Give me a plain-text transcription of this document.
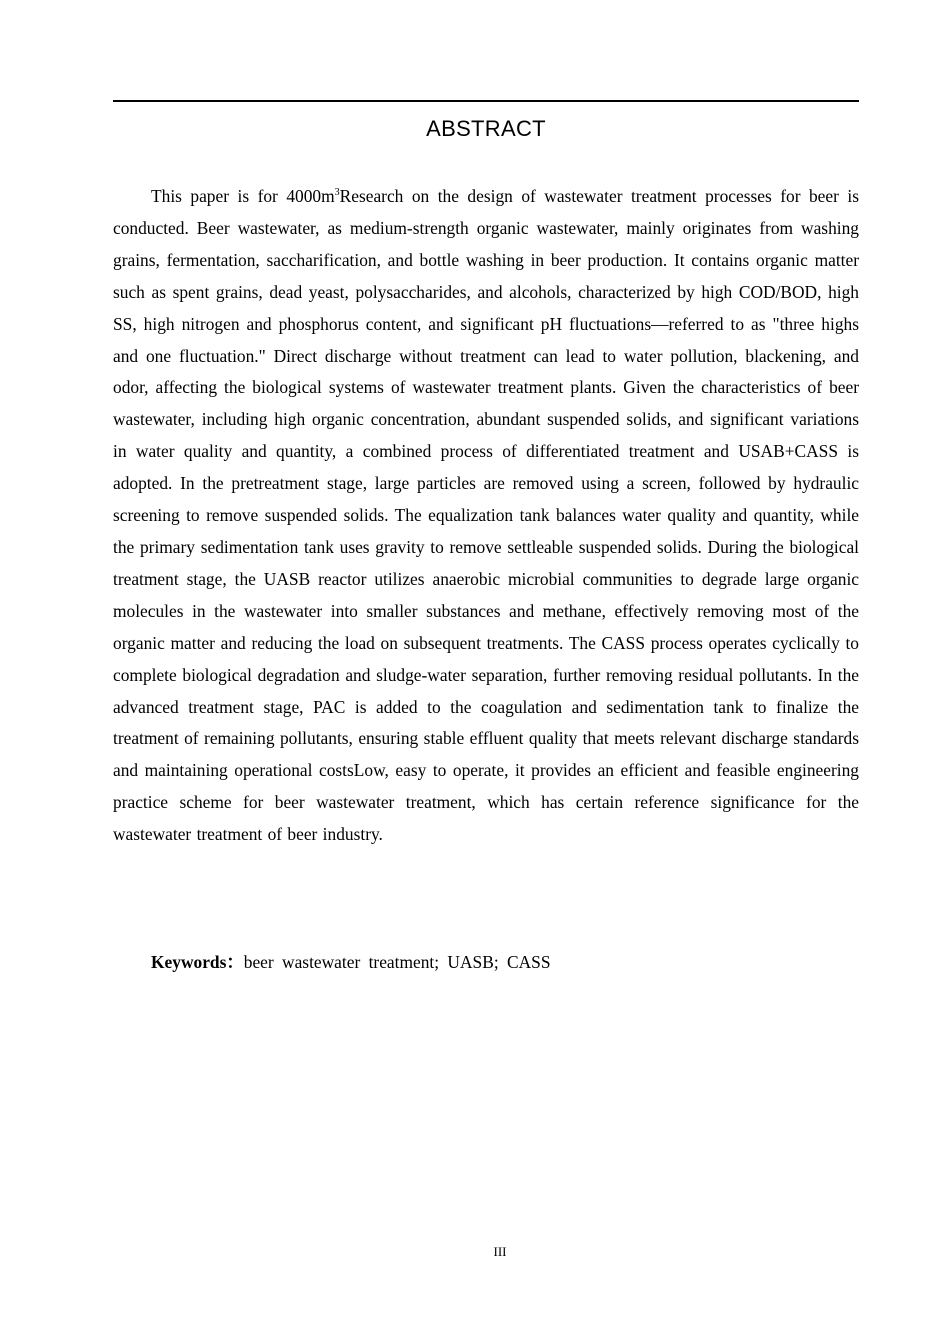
ABSTRACT

This paper is for $4000m^3Research$ on the design of wastewater treatment processes for beer is conducted. Beer wastewater, as medium-strength organic wastewater, mainly originates from washing grains, fermentation, saccharification, and bottle washing in beer production. It contains organic matter such as spent grains, dead yeast, polysaccharides, and alcohols, characterized by high COD/BOD, high SS, high nitrogen and phosphorus content, and significant pH fluctuations—referred to as "three highs and one fluctuation." Direct discharge without treatment can lead to water pollution, blackening, and odor, affecting the biological systems of wastewater treatment plants. Given the characteristics of beer wastewater, including high organic concentration, abundant suspended solids, and significant variations in water quality and quantity, a combined process of differentiated treatment and USAB+CASS is adopted. In the pretreatment stage, large particles are removed using a screen, followed by hydraulic screening to remove suspended solids. The equalization tank balances water quality and quantity, while the primary sedimentation tank uses gravity to remove settleable suspended solids. During the biological treatment stage, the UASB reactor utilizes anaerobic microbial communities to degrade large organic molecules in the wastewater into smaller substances and methane, effectively removing most of the organic matter and reducing the load on subsequent treatments. The CASS process operates cyclically to complete biological degradation and sludge-water separation, further removing residual pollutants. In the advanced treatment stage, PAC is added to the coagulation and sedimentation tank to finalize the treatment of remaining pollutants, ensuring stable effluent quality that meets relevant discharge standards and maintaining operational costsLow, easy to operate, it provides an efficient and feasible engineering practice scheme for beer wastewater treatment, which has certain reference significance for the wastewater treatment of beer industry.

Keywords：beer wastewater treatment; UASB; CASS

III
